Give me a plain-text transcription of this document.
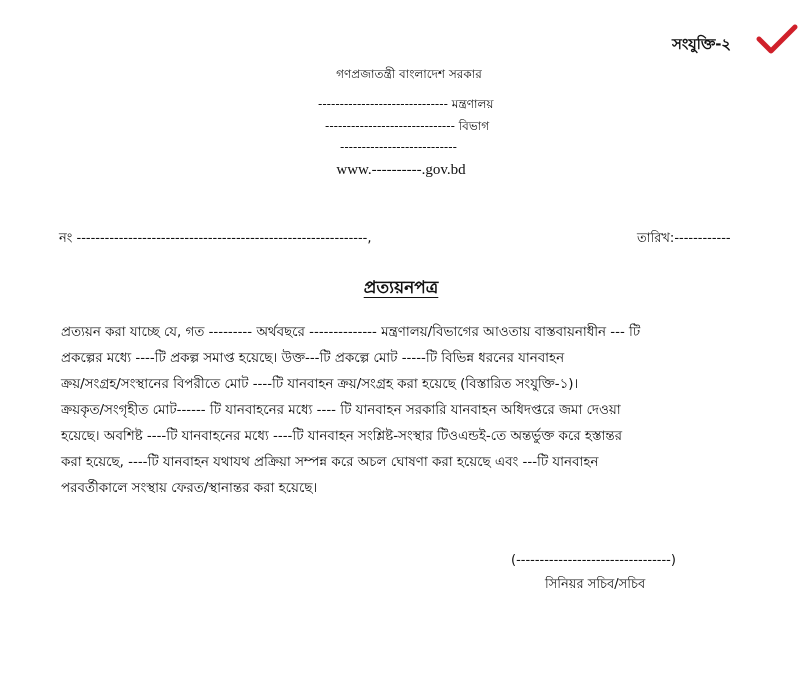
সংযুক্তি-২
গণপ্রজাতন্ত্রী বাংলাদেশ সরকার
------------------------------ মন্ত্রণালয়
------------------------------ বিভাগ
---------------------------
www.----------.gov.bd
নং --------------------------------------------------------------,	তারিখ:------------
প্রত্যয়নপত্র
প্রত্যয়ন করা যাচ্ছে যে, গত --------- অর্থবছরে -------------- মন্ত্রণালয়/বিভাগের আওতায় বাস্তবায়নাধীন --- টি
প্রকল্পের মধ্যে ----টি প্রকল্প সমাপ্ত হয়েছে। উক্ত---টি প্রকল্পে মোট -----টি বিভিন্ন ধরনের যানবাহন
ক্রয়/সংগ্রহ/সংস্থানের বিপরীতে মোট ----টি যানবাহন ক্রয়/সংগ্রহ করা হয়েছে (বিস্তারিত সংযুক্তি-১)।
ক্রয়কৃত/সংগৃহীত মোট------ টি যানবাহনের মধ্যে ---- টি যানবাহন সরকারি যানবাহন অধিদপ্তরে জমা দেওয়া
হয়েছে। অবশিষ্ট ----টি যানবাহনের মধ্যে ----টি যানবাহন সংশ্লিষ্ট-সংস্থার টিওএন্ডই-তে অন্তর্ভুক্ত করে হস্তান্তর
করা হয়েছে, ----টি যানবাহন যথাযথ প্রক্রিয়া সম্পন্ন করে অচল ঘোষণা করা হয়েছে এবং ---টি যানবাহন
পরবর্তীকালে সংস্থায় ফেরত/স্থানান্তর করা হয়েছে।
(---------------------------------)
সিনিয়র সচিব/সচিব
